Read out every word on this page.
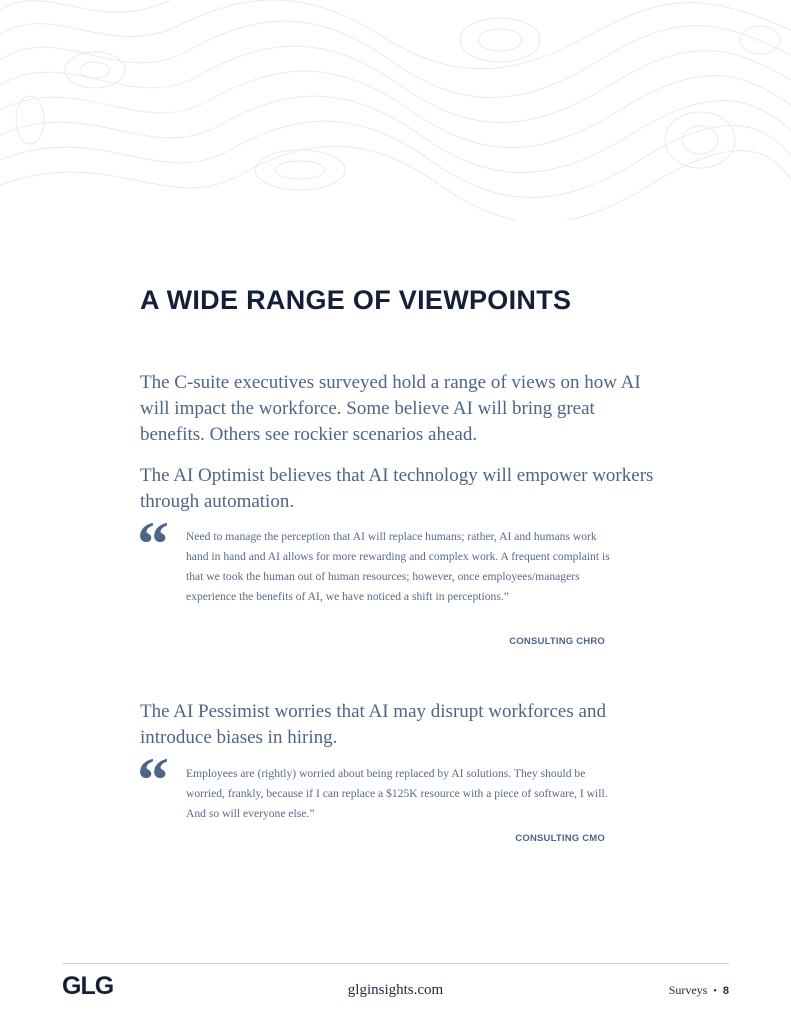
A WIDE RANGE OF VIEWPOINTS

The C-suite executives surveyed hold a range of views on how AI will impact the workforce. Some believe AI will bring great benefits. Others see rockier scenarios ahead.

The AI Optimist believes that AI technology will empower workers through automation.

“	Need to manage the perception that AI will replace humans; rather, AI and humans work hand in hand and AI allows for more rewarding and complex work. A frequent complaint is that we took the human out of human resources; however, once employees/managers experience the benefits of AI, we have noticed a shift in perceptions.”

CONSULTING CHRO

The AI Pessimist worries that AI may disrupt workforces and introduce biases in hiring.

“	Employees are (rightly) worried about being replaced by AI solutions. They should be worried, frankly, because if I can replace a $125K resource with a piece of software, I will. And so will everyone else.”

CONSULTING CMO
GLG	glginsights.com	Surveys • 8
